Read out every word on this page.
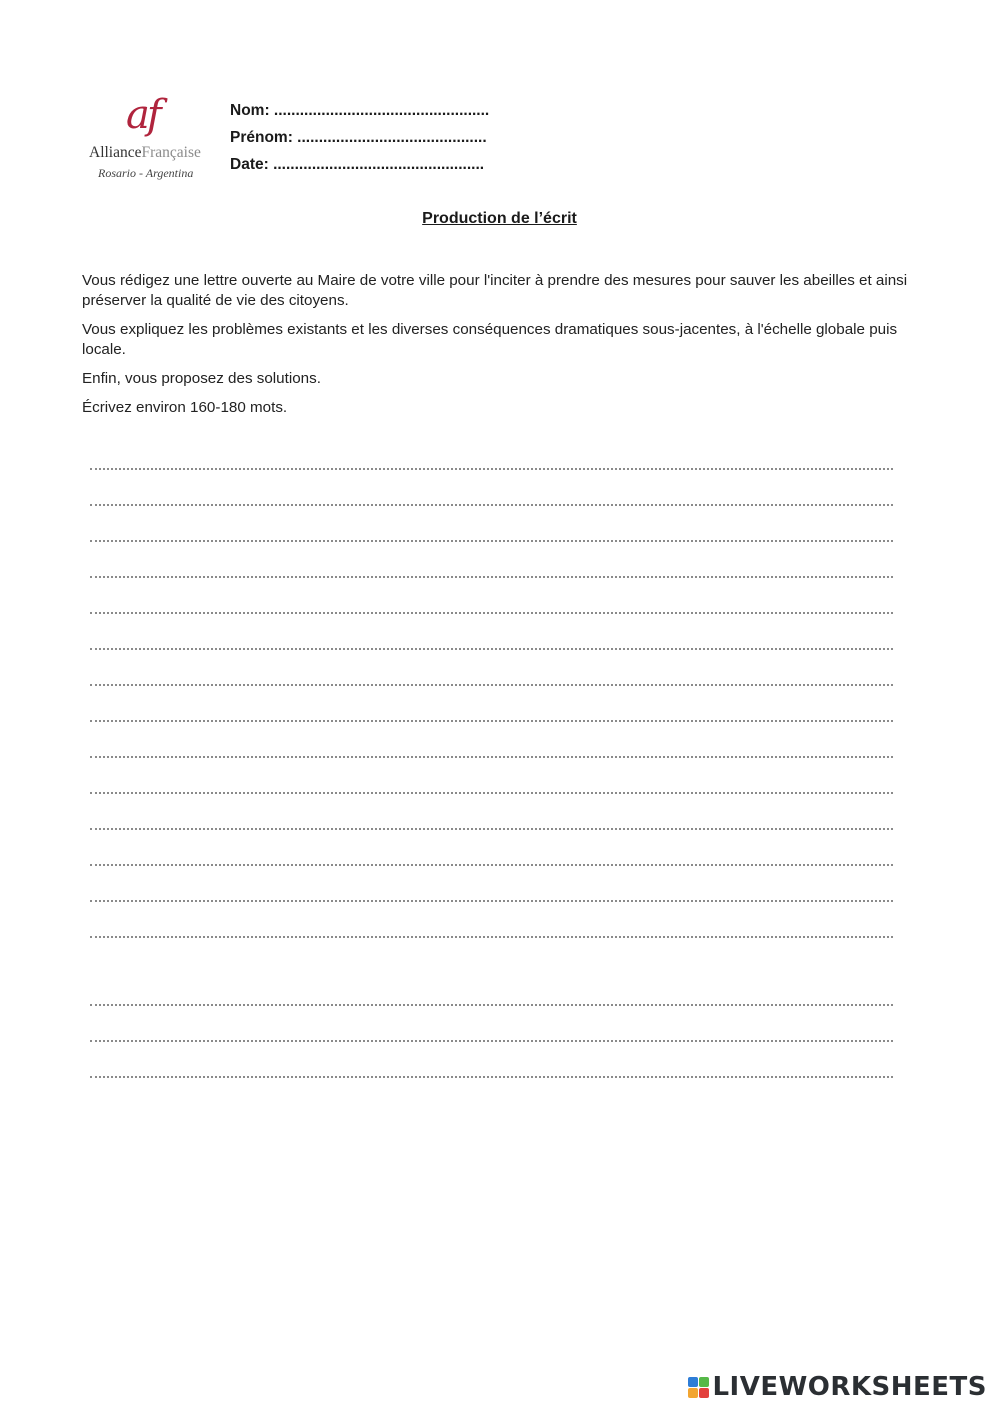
af
AllianceFrançaise
Rosario - Argentina
Nom: ..................................................
Prénom: ............................................
Date: .................................................
Production de l’écrit

Vous rédigez une lettre ouverte au Maire de votre ville pour l'inciter à prendre des mesures pour sauver les abeilles et ainsi préserver la qualité de vie des citoyens.

Vous expliquez les problèmes existants et les diverses conséquences dramatiques sous-jacentes, à l'échelle globale puis locale.

Enfin, vous proposez des solutions.

Écrivez environ 160-180 mots.

LIVEWORKSHEETS
